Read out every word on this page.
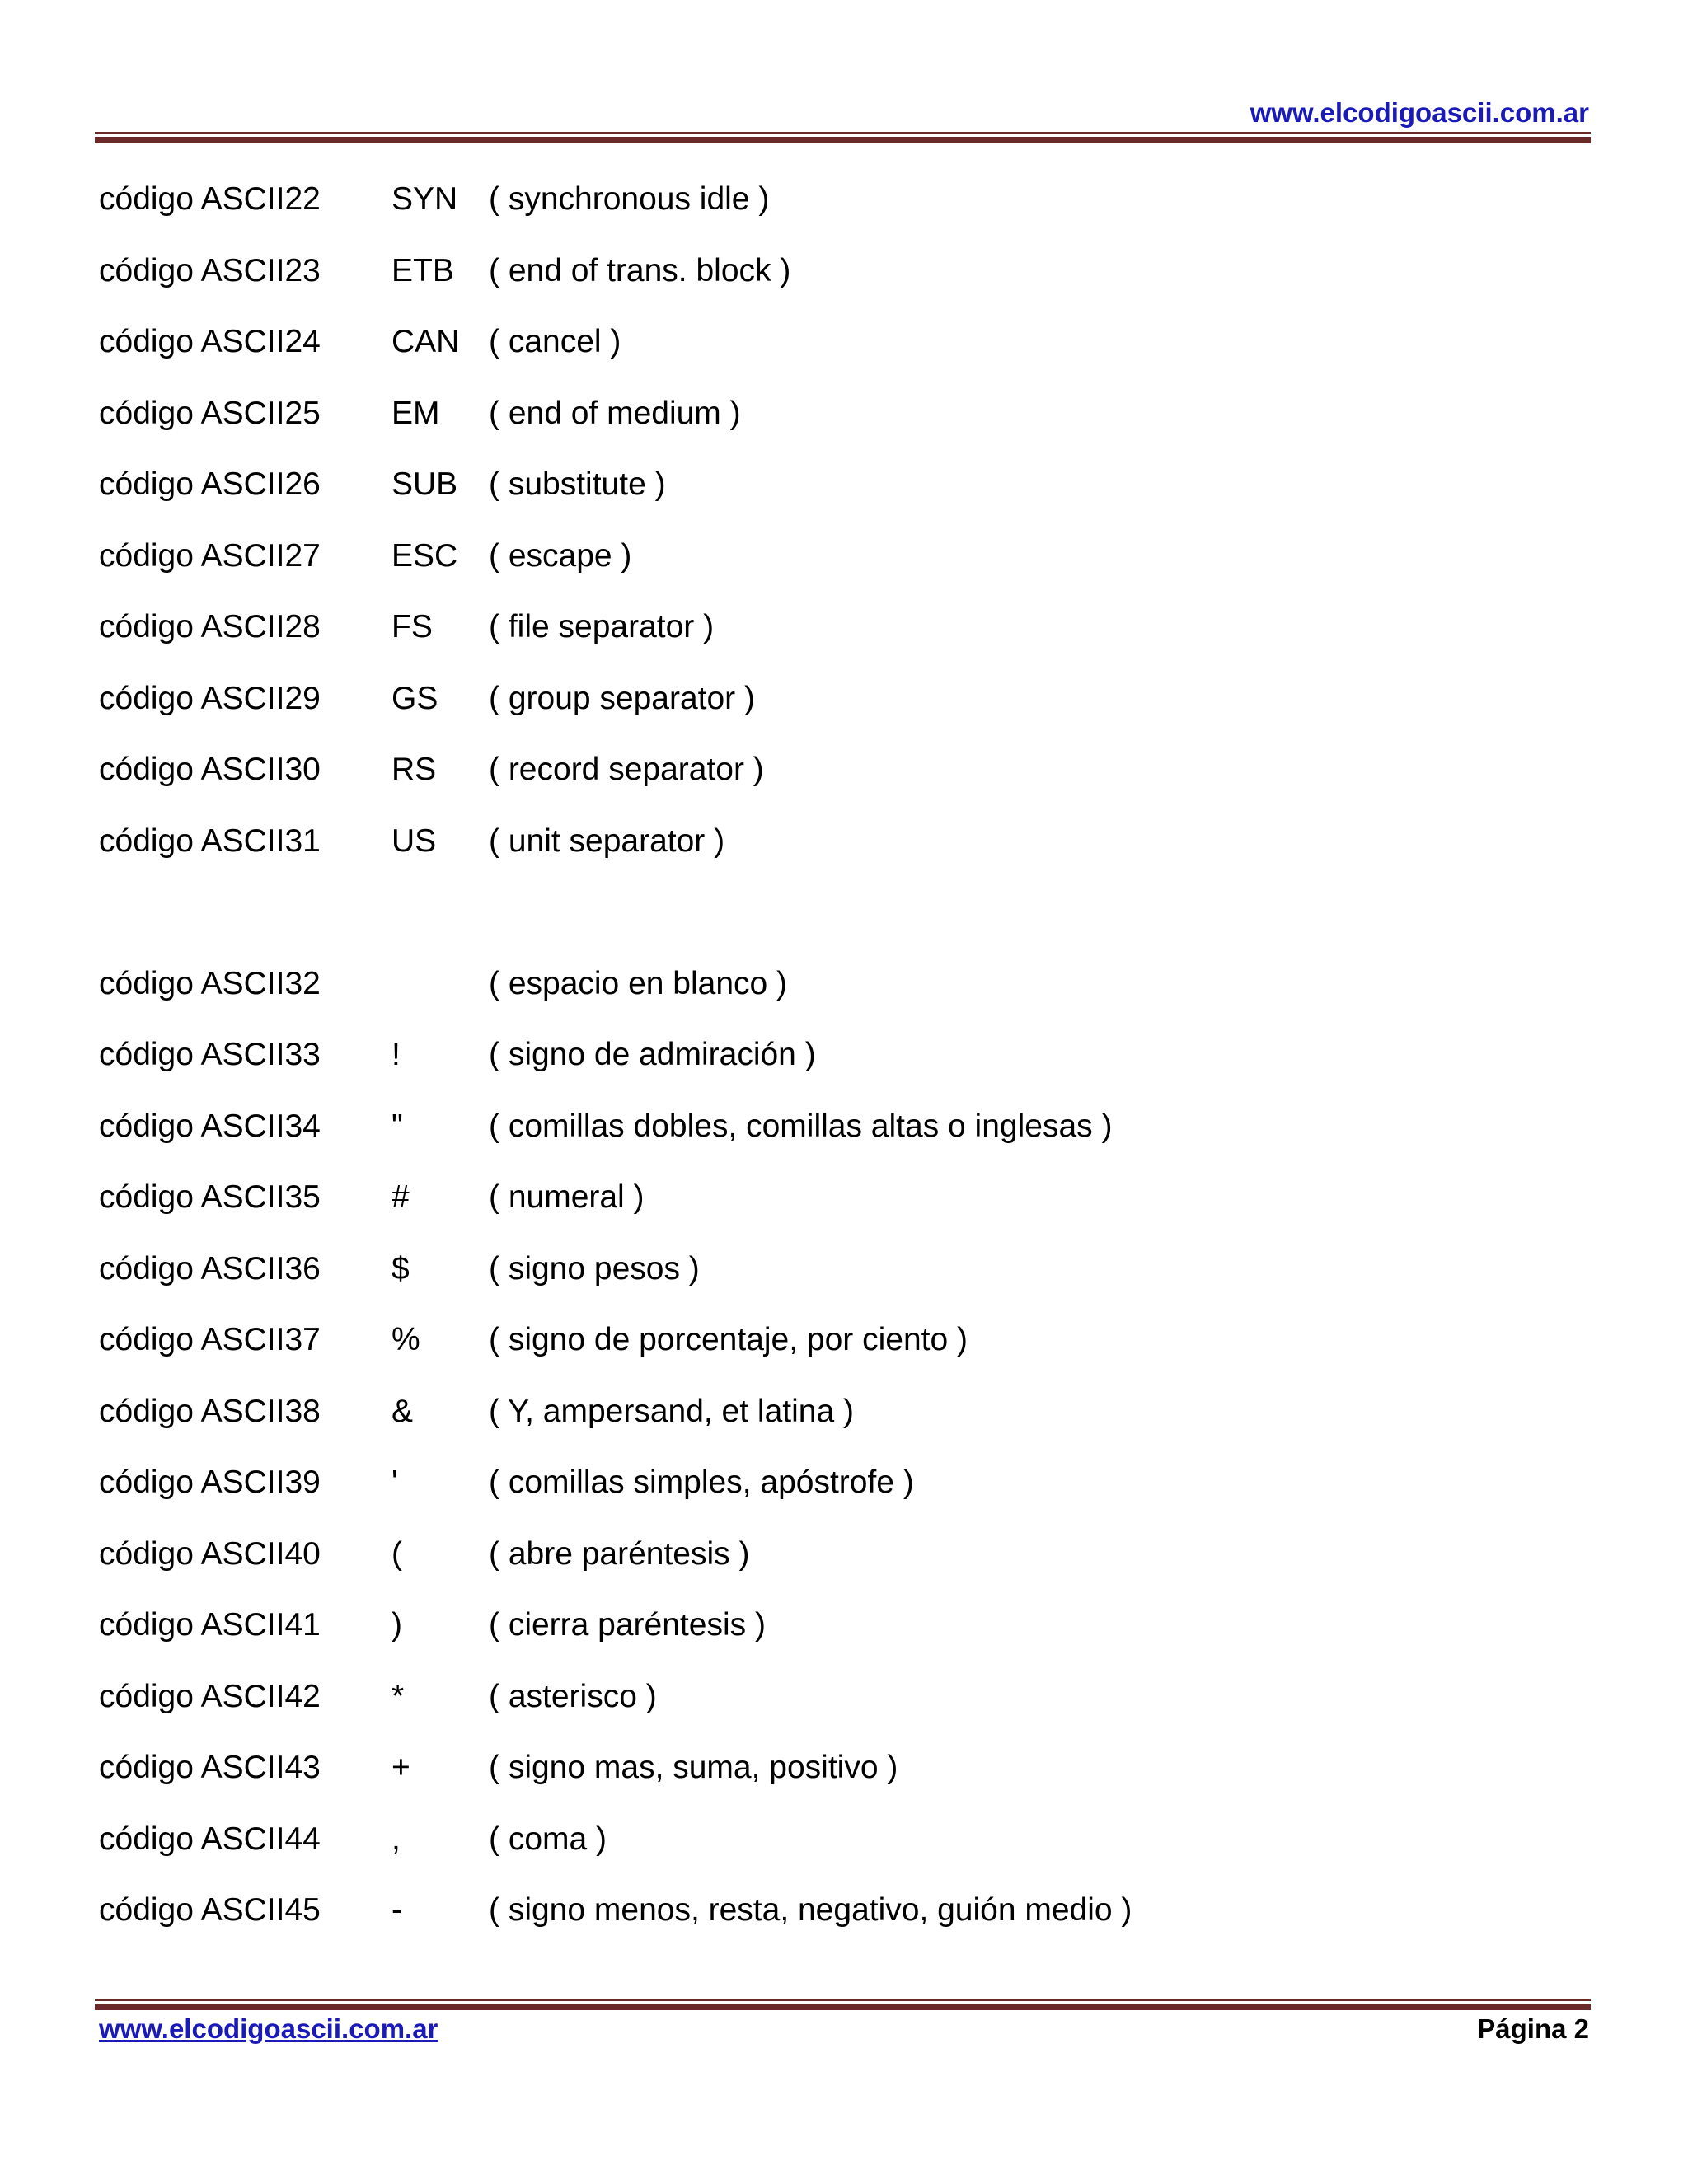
www.elcodigoascii.com.ar
código ASCII22 SYN ( synchronous idle )
código ASCII23 ETB ( end of trans. block )
código ASCII24 CAN ( cancel )
código ASCII25 EM ( end of medium )
código ASCII26 SUB ( substitute )
código ASCII27 ESC ( escape )
código ASCII28 FS ( file separator )
código ASCII29 GS ( group separator )
código ASCII30 RS ( record separator )
código ASCII31 US ( unit separator )
código ASCII32	( espacio en blanco )
código ASCII33 !	( signo de admiración )
código ASCII34 "	( comillas dobles, comillas altas o inglesas )
código ASCII35 # ( numeral )
código ASCII36 $ ( signo pesos )
código ASCII37 % ( signo de porcentaje, por ciento )
código ASCII38 & ( Y, ampersand, et latina )
código ASCII39 '	( comillas simples, apóstrofe )
código ASCII40 (	( abre paréntesis )
código ASCII41 )	( cierra paréntesis )
código ASCII42 *	( asterisco )
código ASCII43 + ( signo mas, suma, positivo )
código ASCII44 ,	( coma )
código ASCII45 -	( signo menos, resta, negativo, guión medio )
www.elcodigoascii.com.ar	Página 2
